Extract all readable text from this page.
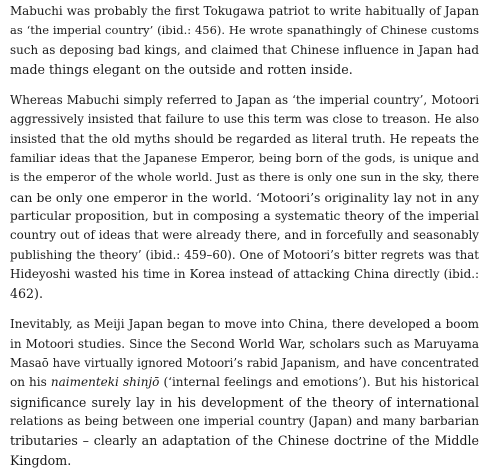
Mabuchi was probably the first Tokugawa patriot to write habitually of Japan
as ‘the imperial country’ (ibid.: 456). He wrote spanathingly of Chinese customs
such as deposing bad kings, and claimed that Chinese influence in Japan had
made things elegant on the outside and rotten inside.

Whereas Mabuchi simply referred to Japan as ‘the imperial country’, Motoori
aggressively insisted that failure to use this term was close to treason. He also
insisted that the old myths should be regarded as literal truth. He repeats the
familiar ideas that the Japanese Emperor, being born of the gods, is unique and
is the emperor of the whole world. Just as there is only one sun in the sky, there
can be only one emperor in the world. ‘Motoori’s originality lay not in any
particular proposition, but in composing a systematic theory of the imperial
country out of ideas that were already there, and in forcefully and seasonably
publishing the theory’ (ibid.: 459–60). One of Motoori’s bitter regrets was that
Hideyoshi wasted his time in Korea instead of attacking China directly (ibid.:
462).

Inevitably, as Meiji Japan began to move into China, there developed a boom
in Motoori studies. Since the Second World War, scholars such as Maruyama
Masaō have virtually ignored Motoori’s rabid Japanism, and have concentrated
on his naimenteki shinjō (‘internal feelings and emotions’). But his historical
significance surely lay in his development of the theory of international
relations as being between one imperial country (Japan) and many barbarian
tributaries – clearly an adaptation of the Chinese doctrine of the Middle
Kingdom.
